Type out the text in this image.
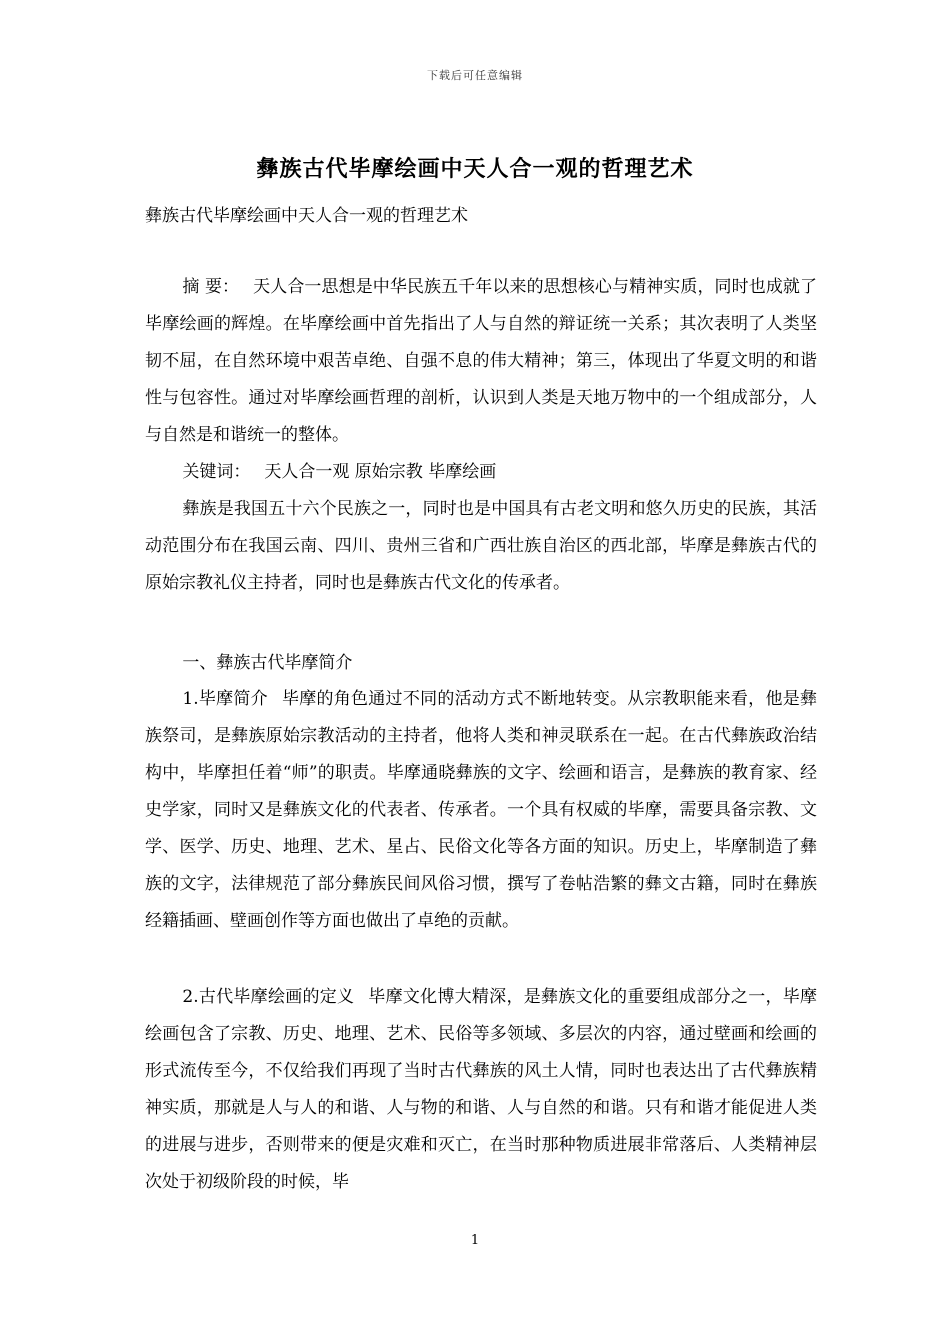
下载后可任意编辑
彝族古代毕摩绘画中天人合一观的哲理艺术

彝族古代毕摩绘画中天人合一观的哲理艺术

摘 要： 天人合一思想是中华民族五千年以来的思想核心与精神实质，同时也成就了毕摩绘画的辉煌。在毕摩绘画中首先指出了人与自然的辩证统一关系；其次表明了人类坚韧不屈，在自然环境中艰苦卓绝、自强不息的伟大精神；第三，体现出了华夏文明的和谐性与包容性。通过对毕摩绘画哲理的剖析，认识到人类是天地万物中的一个组成部分，人与自然是和谐统一的整体。

关键词： 天人合一观 原始宗教 毕摩绘画

彝族是我国五十六个民族之一，同时也是中国具有古老文明和悠久历史的民族，其活动范围分布在我国云南、四川、贵州三省和广西壮族自治区的西北部，毕摩是彝族古代的原始宗教礼仪主持者，同时也是彝族古代文化的传承者。

一、彝族古代毕摩简介

1.毕摩简介 毕摩的角色通过不同的活动方式不断地转变。从宗教职能来看，他是彝族祭司，是彝族原始宗教活动的主持者，他将人类和神灵联系在一起。在古代彝族政治结构中，毕摩担任着“师”的职责。毕摩通晓彝族的文字、绘画和语言，是彝族的教育家、经史学家，同时又是彝族文化的代表者、传承者。一个具有权威的毕摩，需要具备宗教、文学、医学、历史、地理、艺术、星占、民俗文化等各方面的知识。历史上，毕摩制造了彝族的文字，法律规范了部分彝族民间风俗习惯，撰写了卷帖浩繁的彝文古籍，同时在彝族经籍插画、壁画创作等方面也做出了卓绝的贡献。

2.古代毕摩绘画的定义 毕摩文化博大精深，是彝族文化的重要组成部分之一，毕摩绘画包含了宗教、历史、地理、艺术、民俗等多领域、多层次的内容，通过壁画和绘画的形式流传至今，不仅给我们再现了当时古代彝族的风土人情，同时也表达出了古代彝族精神实质，那就是人与人的和谐、人与物的和谐、人与自然的和谐。只有和谐才能促进人类的进展与进步，否则带来的便是灾难和灭亡，在当时那种物质进展非常落后、人类精神层次处于初级阶段的时候，毕

1
